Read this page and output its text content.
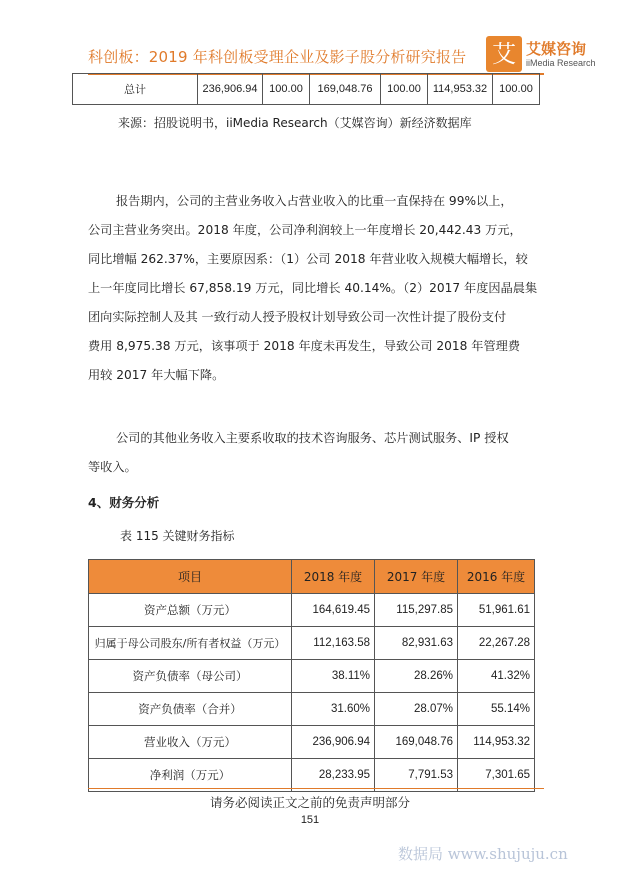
科创板：2019 年科创板受理企业及影子股分析研究报告 艾 艾媒咨询
iiMedia Research
总计	236,906.94	100.00	169,048.76	100.00	114,953.32	100.00
来源：招股说明书，iiMedia Research（艾媒咨询）新经济数据库
报告期内，公司的主营业务收入占营业收入的比重一直保持在 99%以上，
公司主营业务突出。2018 年度，公司净利润较上一年度增长 20,442.43 万元，
同比增幅 262.37%，主要原因系：（1）公司 2018 年营业收入规模大幅增长，较
上一年度同比增长 67,858.19 万元，同比增长 40.14%。（2）2017 年度因晶晨集
团向实际控制人及其 一致行动人授予股权计划导致公司一次性计提了股份支付
费用 8,975.38 万元，该事项于 2018 年度未再发生，导致公司 2018 年管理费
用较 2017 年大幅下降。
公司的其他业务收入主要系收取的技术咨询服务、芯片测试服务、IP 授权
等收入。
4、财务分析
表 115 关键财务指标
项目	2018 年度	2017 年度	2016 年度
资产总额（万元）	164,619.45	115,297.85	51,961.61
归属于母公司股东/所有者权益（万元）	112,163.58	82,931.63	22,267.28
资产负债率（母公司）	38.11%	28.26%	41.32%
资产负债率（合并）	31.60%	28.07%	55.14%
营业收入（万元）	236,906.94	169,048.76	114,953.32
净利润（万元）	28,233.95	7,791.53	7,301.65
请务必阅读正文之前的免责声明部分
151
数据局 www.shujuju.cn
